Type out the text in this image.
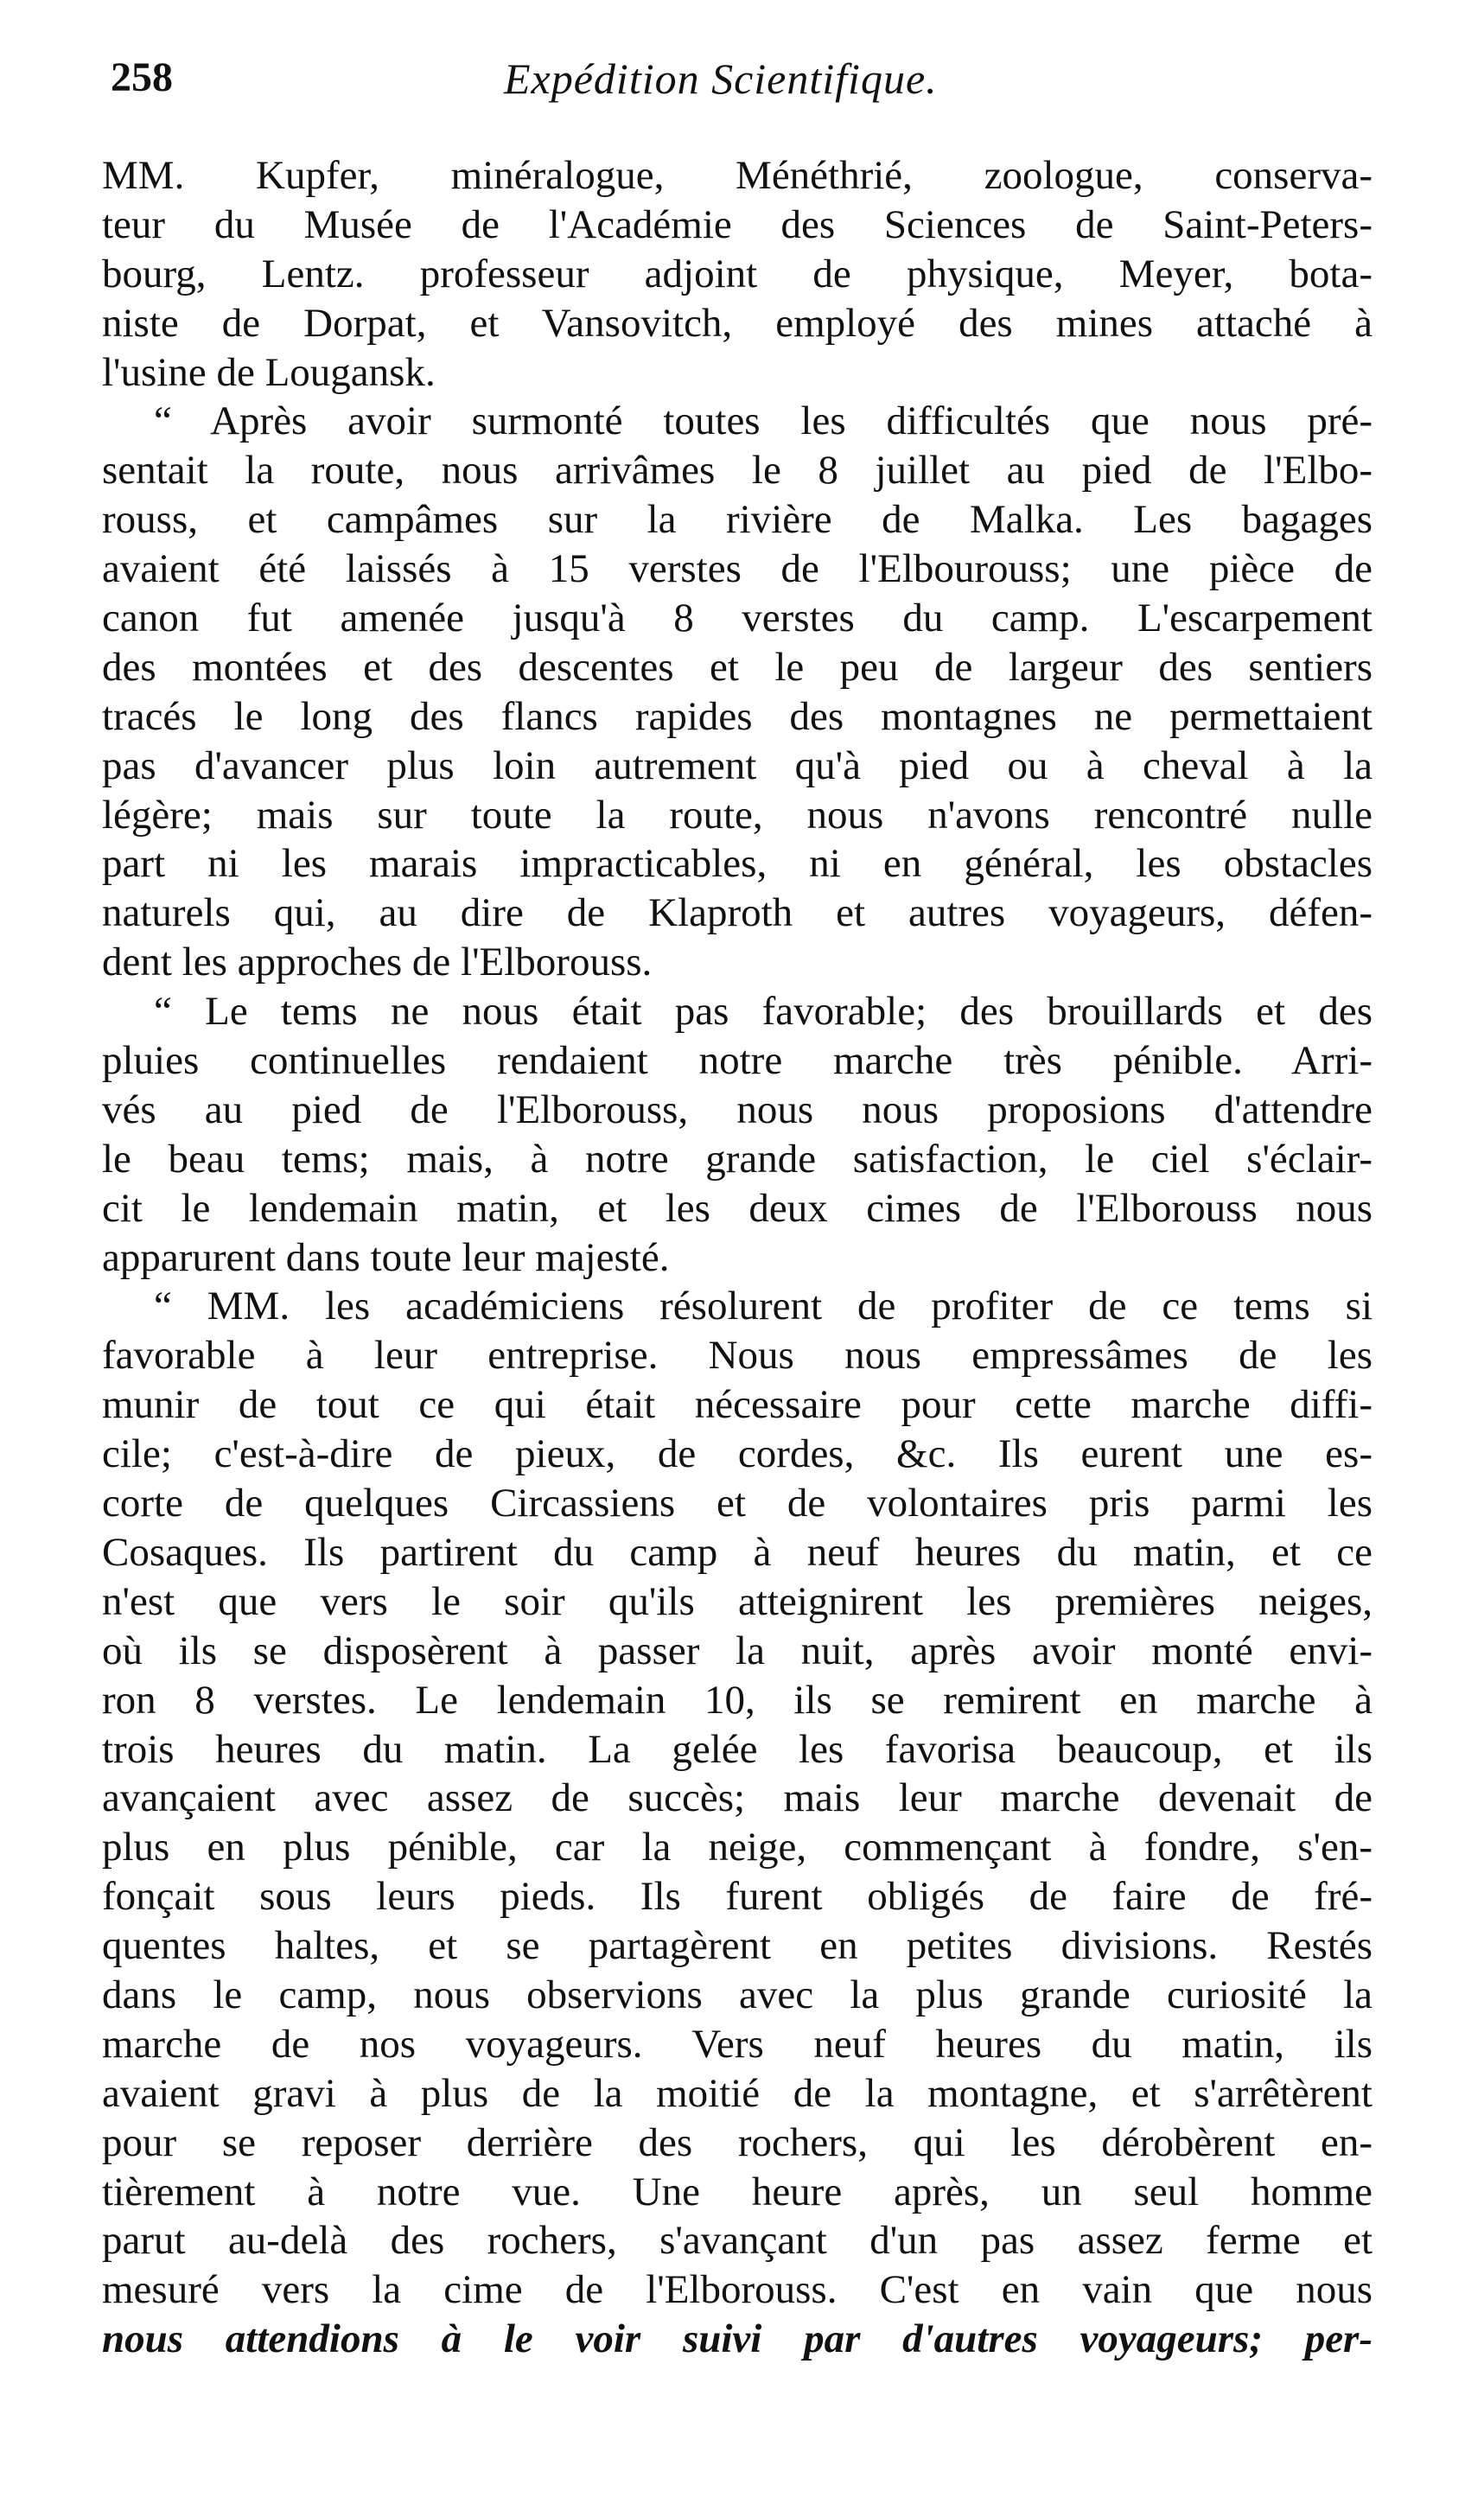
258	Expédition Scientifique.
MM. Kupfer, minéralogue, Ménéthrié, zoologue, conserva-
teur du Musée de l'Académie des Sciences de Saint-Peters-
bourg, Lentz. professeur adjoint de physique, Meyer, bota-
niste de Dorpat, et Vansovitch, employé des mines attaché à
l'usine de Lougansk.
“ Après avoir surmonté toutes les difficultés que nous pré-
sentait la route, nous arrivâmes le 8 juillet au pied de l'Elbo-
rouss, et campâmes sur la rivière de Malka. Les bagages
avaient été laissés à 15 verstes de l'Elbourouss; une pièce de
canon fut amenée jusqu'à 8 verstes du camp. L'escarpement
des montées et des descentes et le peu de largeur des sentiers
tracés le long des flancs rapides des montagnes ne permettaient
pas d'avancer plus loin autrement qu'à pied ou à cheval à la
légère; mais sur toute la route, nous n'avons rencontré nulle
part ni les marais impracticables, ni en général, les obstacles
naturels qui, au dire de Klaproth et autres voyageurs, défen-
dent les approches de l'Elborouss.
“ Le tems ne nous était pas favorable; des brouillards et des
pluies continuelles rendaient notre marche très pénible. Arri-
vés au pied de l'Elborouss, nous nous proposions d'attendre
le beau tems; mais, à notre grande satisfaction, le ciel s'éclair-
cit le lendemain matin, et les deux cimes de l'Elborouss nous
apparurent dans toute leur majesté.
“ MM. les académiciens résolurent de profiter de ce tems si
favorable à leur entreprise. Nous nous empressâmes de les
munir de tout ce qui était nécessaire pour cette marche diffi-
cile; c'est-à-dire de pieux, de cordes, &c. Ils eurent une es-
corte de quelques Circassiens et de volontaires pris parmi les
Cosaques. Ils partirent du camp à neuf heures du matin, et ce
n'est que vers le soir qu'ils atteignirent les premières neiges,
où ils se disposèrent à passer la nuit, après avoir monté envi-
ron 8 verstes. Le lendemain 10, ils se remirent en marche à
trois heures du matin. La gelée les favorisa beaucoup, et ils
avançaient avec assez de succès; mais leur marche devenait de
plus en plus pénible, car la neige, commençant à fondre, s'en-
fonçait sous leurs pieds. Ils furent obligés de faire de fré-
quentes haltes, et se partagèrent en petites divisions. Restés
dans le camp, nous observions avec la plus grande curiosité la
marche de nos voyageurs. Vers neuf heures du matin, ils
avaient gravi à plus de la moitié de la montagne, et s'arrêtèrent
pour se reposer derrière des rochers, qui les dérobèrent en-
tièrement à notre vue. Une heure après, un seul homme
parut au-delà des rochers, s'avançant d'un pas assez ferme et
mesuré vers la cime de l'Elborouss. C'est en vain que nous
nous attendions à le voir suivi par d'autres voyageurs; per-
